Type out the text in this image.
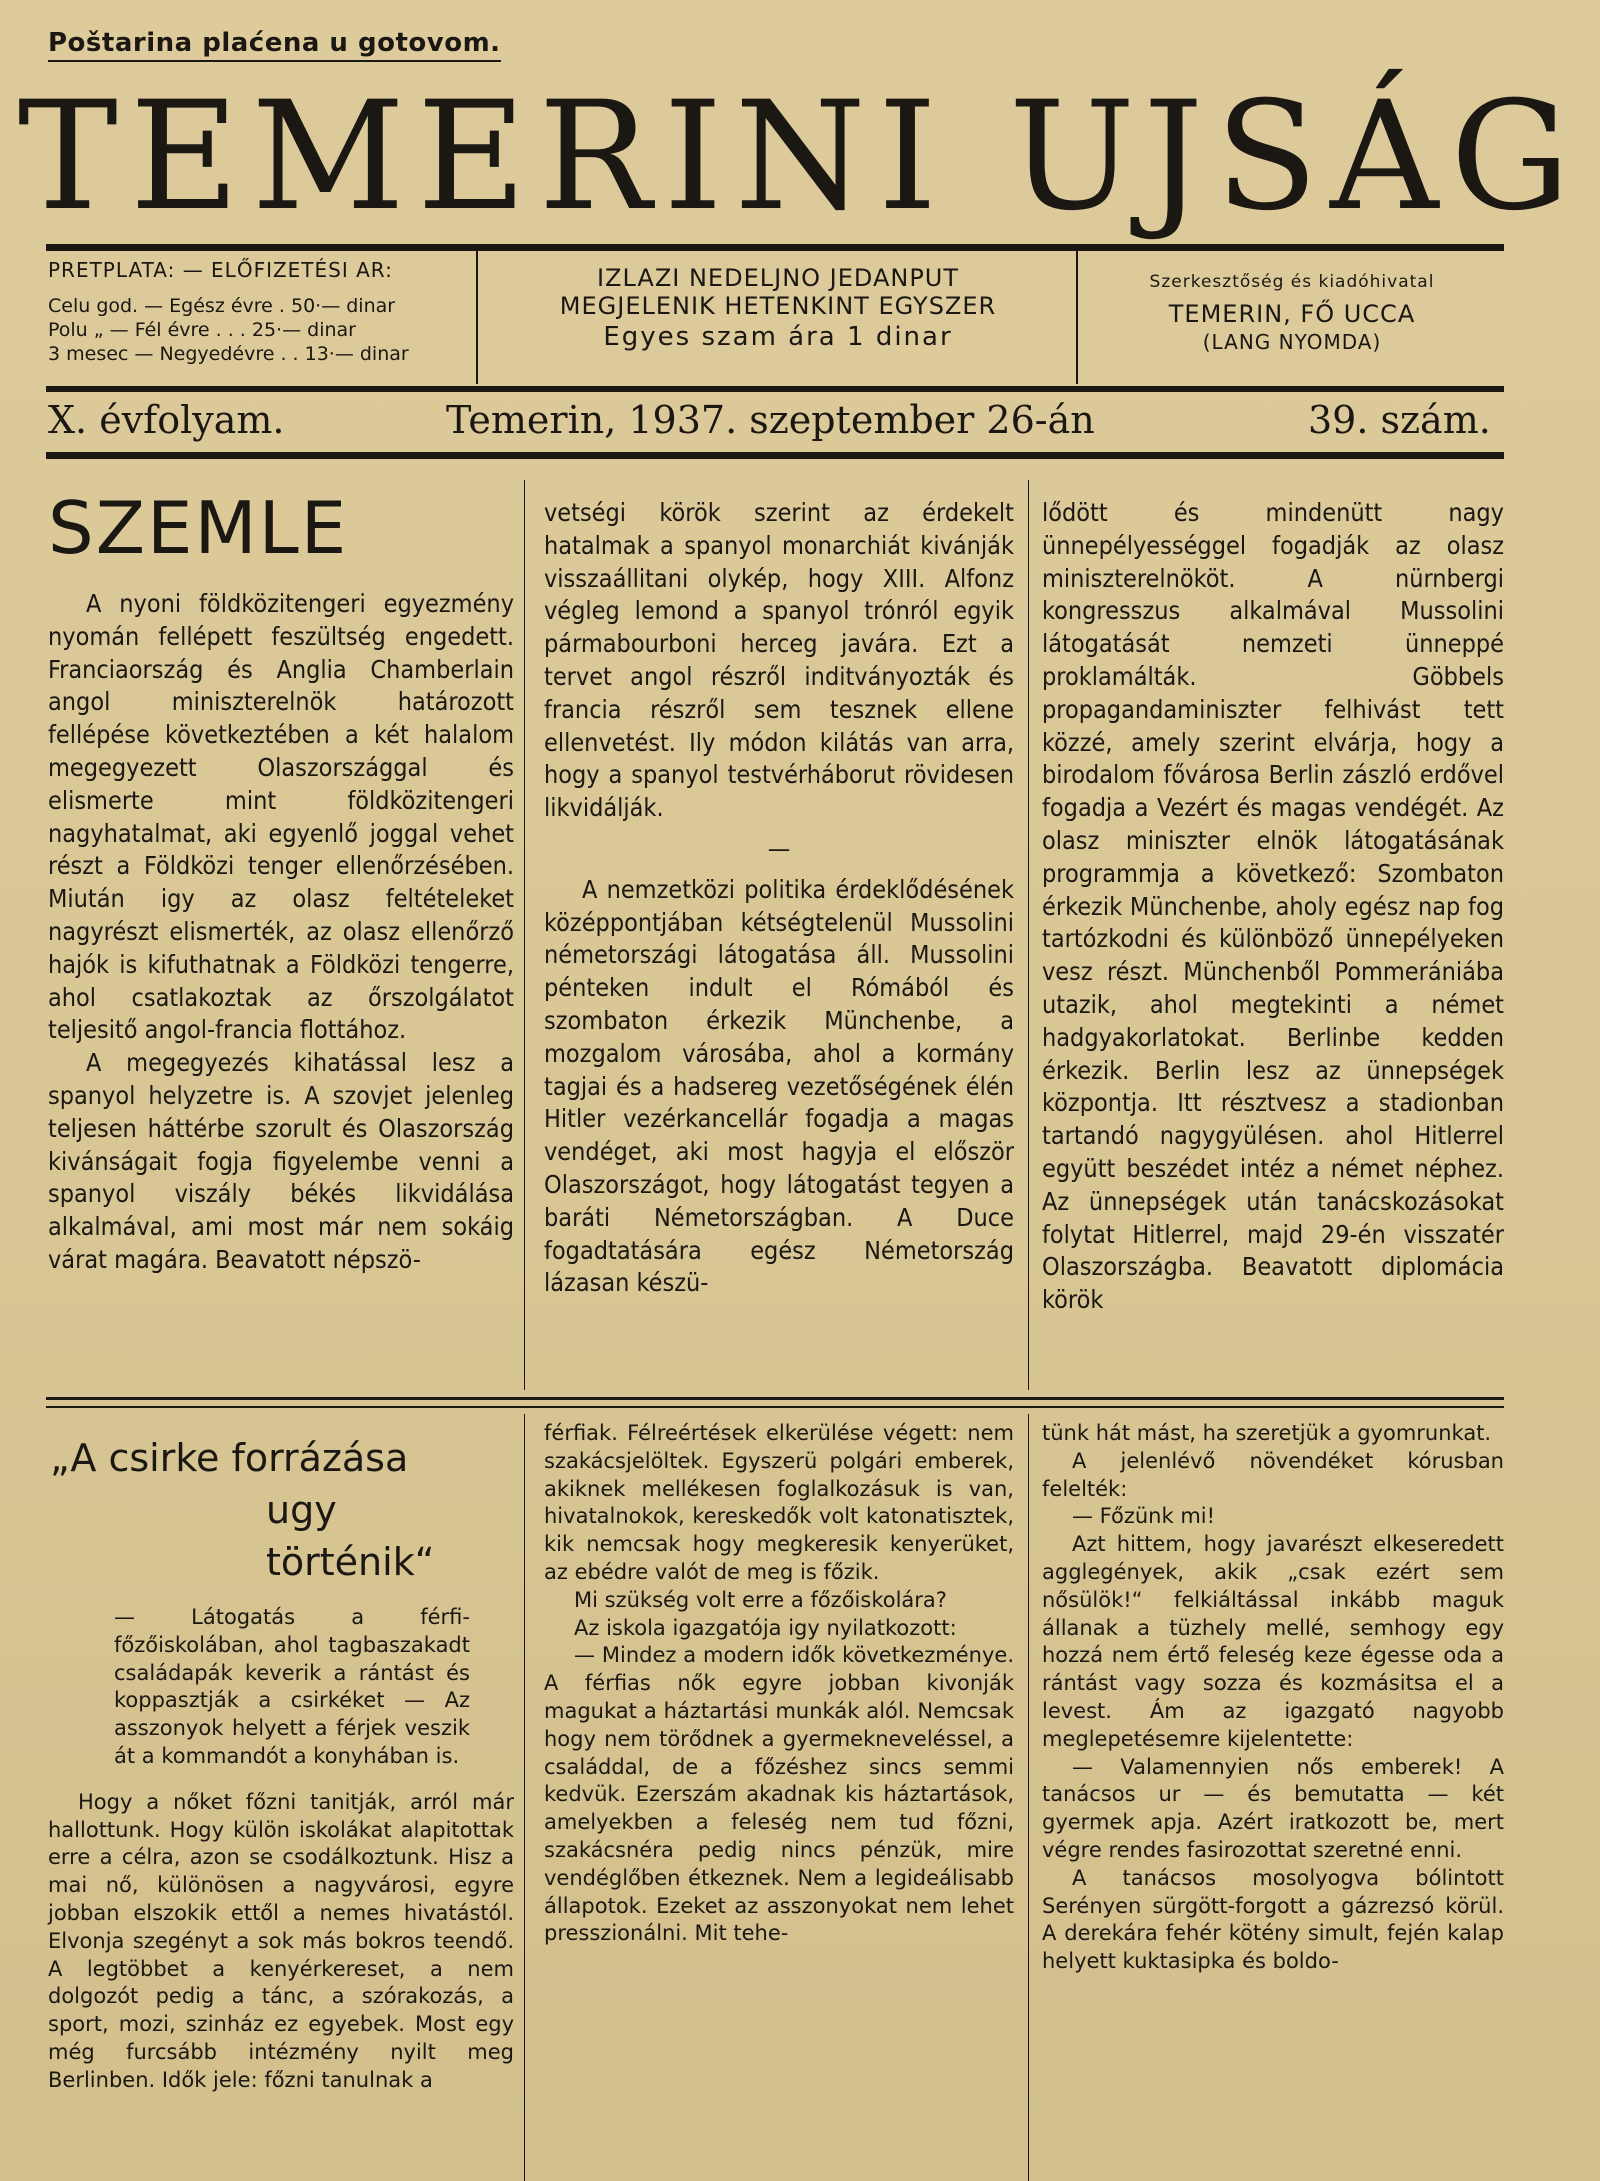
Poštarina plaćena u gotovom.
TEMERINI UJSÁG
PRETPLATA: — ELŐFIZETÉSI AR:
Celu god. — Egész évre . 50·— dinar
Polu „ — Fél évre . . . 25·— dinar
3 mesec — Negyedévre . . 13·— dinar
IZLAZI NEDELJNO JEDANPUT
MEGJELENIK HETENKINT EGYSZER
Egyes szam ára 1 dinar
Szerkesztőség és kiadóhivatal
TEMERIN, FŐ UCCA
(LANG NYOMDA)
X. évfolyam.	Temerin, 1937. szeptember 26-án	39. szám.
SZEMLE

A nyoni földközitengeri egyezmény nyomán fellépett feszültség engedett. Franciaország és Anglia Chamberlain angol miniszterelnök határozott fellépése következtében a két halalom megegyezett Olaszországgal és elismerte mint földközitengeri nagyhatalmat, aki egyenlő joggal vehet részt a Földközi tenger ellenőrzésében. Miután igy az olasz feltételeket nagyrészt elismerték, az olasz ellenőrző hajók is kifuthatnak a Földközi tengerre, ahol csatlakoztak az őrszolgálatot teljesitő angol-francia flottához.

A megegyezés kihatással lesz a spanyol helyzetre is. A szovjet jelenleg teljesen háttérbe szorult és Olaszország kivánságait fogja figyelembe venni a spanyol viszály békés likvidálása alkalmával, ami most már nem sokáig várat magára. Beavatott népszö-

vetségi körök szerint az érdekelt hatalmak a spanyol monarchiát kivánják visszaállitani olykép, hogy XIII. Alfonz végleg lemond a spanyol trónról egyik pármabourboni herceg javára. Ezt a tervet angol részről inditványozták és francia részről sem tesznek ellene ellenvetést. Ily módon kilátás van arra, hogy a spanyol testvérháborut rövidesen likvidálják.

—

A nemzetközi politika érdeklődésének középpontjában kétségtelenül Mussolini németországi látogatása áll. Mussolini pénteken indult el Rómából és szombaton érkezik Münchenbe, a mozgalom városába, ahol a kormány tagjai és a hadsereg vezetőségének élén Hitler vezérkancellár fogadja a magas vendéget, aki most hagyja el először Olaszországot, hogy látogatást tegyen a baráti Németországban. A Duce fogadtatására egész Németország lázasan készü-

lődött és mindenütt nagy ünnepélyességgel fogadják az olasz miniszterelnököt. A nürnbergi kongresszus alkalmával Mussolini látogatását nemzeti ünneppé proklamálták. Göbbels propagandaminiszter felhivást tett közzé, amely szerint elvárja, hogy a birodalom fővárosa Berlin zászló erdővel fogadja a Vezért és magas vendégét. Az olasz miniszter elnök látogatásának programmja a következő: Szombaton érkezik Münchenbe, aholy egész nap fog tartózkodni és különböző ünnepélyeken vesz részt. Münchenből Pommerániába utazik, ahol megtekinti a német hadgyakorlatokat. Berlinbe kedden érkezik. Berlin lesz az ünnepségek központja. Itt résztvesz a stadionban tartandó nagygyülésen. ahol Hitlerrel együtt beszédet intéz a német néphez. Az ünnepségek után tanácskozásokat folytat Hitlerrel, majd 29-én visszatér Olaszországba. Beavatott diplomácia körök

„A csirke forrázása
ugy történik“
— Látogatás a férfi-főzőiskolában, ahol tagbaszakadt családapák keverik a rántást és koppasztják a csirkéket — Az asszonyok helyett a férjek veszik át a kommandót a konyhában is.

Hogy a nőket főzni tanitják, arról már hallottunk. Hogy külön iskolákat alapitottak erre a célra, azon se csodálkoztunk. Hisz a mai nő, különösen a nagyvárosi, egyre jobban elszokik ettől a nemes hivatástól. Elvonja szegényt a sok más bokros teendő. A legtöbbet a kenyérkereset, a nem dolgozót pedig a tánc, a szórakozás, a sport, mozi, szinház ez egyebek. Most egy még furcsább intézmény nyilt meg Berlinben. Idők jele: főzni tanulnak a

férfiak. Félreértések elkerülése végett: nem szakácsjelöltek. Egyszerü polgári emberek, akiknek mellékesen foglalkozásuk is van, hivatalnokok, kereskedők volt katonatisztek, kik nemcsak hogy megkeresik kenyerüket, az ebédre valót de meg is főzik.

Mi szükség volt erre a főzőiskolára?

Az iskola igazgatója igy nyilatkozott:

— Mindez a modern idők következménye. A férfias nők egyre jobban kivonják magukat a háztartási munkák alól. Nemcsak hogy nem törődnek a gyermekneveléssel, a családdal, de a főzéshez sincs semmi kedvük. Ezerszám akadnak kis háztartások, amelyekben a feleség nem tud főzni, szakácsnéra pedig nincs pénzük, mire vendéglőben étkeznek. Nem a legideálisabb állapotok. Ezeket az asszonyokat nem lehet presszionálni. Mit tehe-

tünk hát mást, ha szeretjük a gyomrunkat.

A jelenlévő növendéket kórusban felelték:

— Főzünk mi!

Azt hittem, hogy javarészt elkeseredett agglegények, akik „csak ezért sem nősülök!“ felkiáltással inkább maguk állanak a tüzhely mellé, semhogy egy hozzá nem értő feleség keze égesse oda a rántást vagy sozza és kozmásitsa el a levest. Ám az igazgató nagyobb meglepetésemre kijelentette:

— Valamennyien nős emberek! A tanácsos ur — és bemutatta — két gyermek apja. Azért iratkozott be, mert végre rendes fasirozottat szeretné enni.

A tanácsos mosolyogva bólintott Serényen sürgött-forgott a gázrezsó körül. A derekára fehér kötény simult, fején kalap helyett kuktasipka és boldo-
